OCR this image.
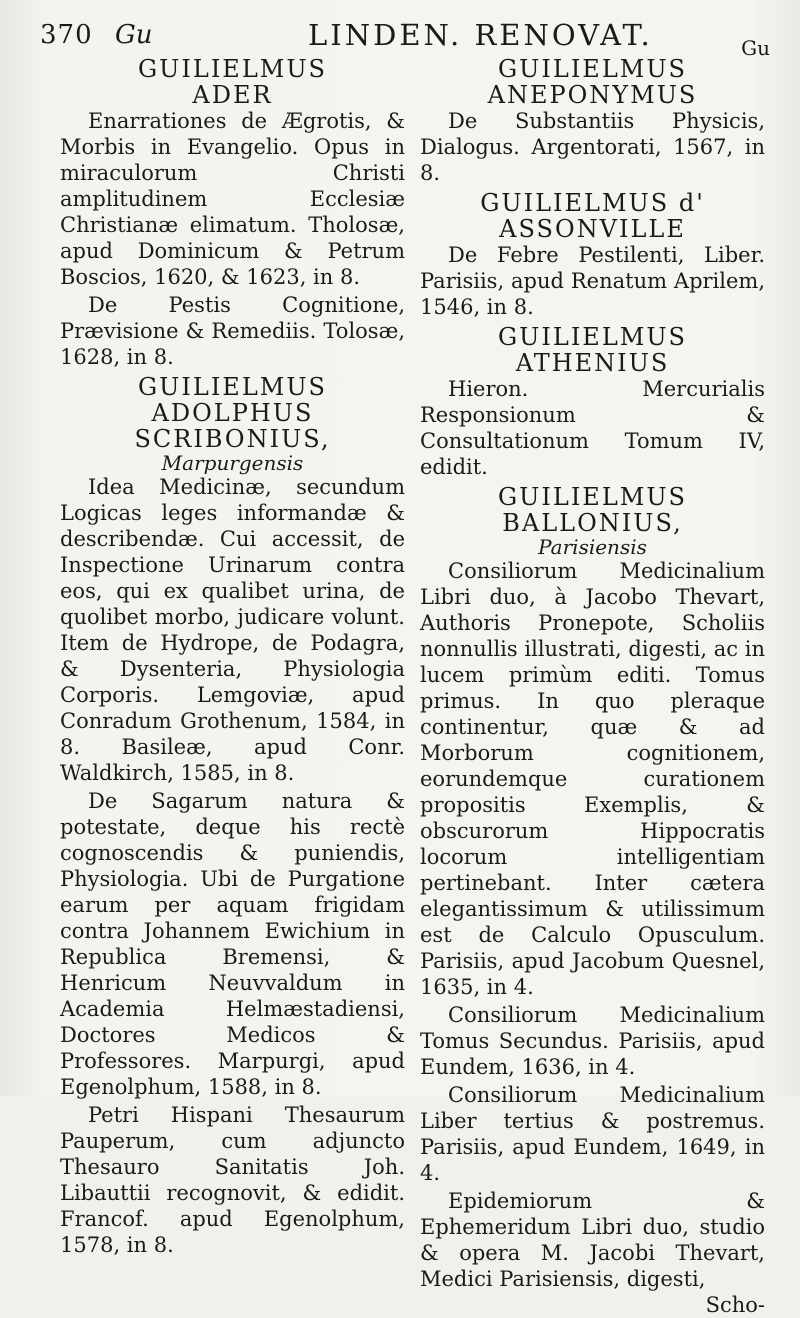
370 Gu	LINDEN. RENOVAT.	Gu
GUILIELMUS
ADER

Enarrationes de Ægrotis, & Morbis in Evangelio. Opus in miraculorum Christi amplitudinem Ecclesiæ Christianæ elimatum. Tholosæ, apud Dominicum & Petrum Boscios, 1620, & 1623, in 8.

De Pestis Cognitione, Prævisione & Remediis. Tolosæ, 1628, in 8.

GUILIELMUS ADOLPHUS SCRIBONIUS,
Marpurgensis

Idea Medicinæ, secundum Logicas leges informandæ & describendæ. Cui accessit, de Inspectione Urinarum contra eos, qui ex qualibet urina, de quolibet morbo, judicare volunt. Item de Hydrope, de Podagra, & Dysenteria, Physiologia Corporis. Lemgoviæ, apud Conradum Grothenum, 1584, in 8. Basileæ, apud Conr. Waldkirch, 1585, in 8.

De Sagarum natura & potestate, deque his rectè cognoscendis & puniendis, Physiologia. Ubi de Purgatione earum per aquam frigidam contra Johannem Ewichium in Republica Bremensi, & Henricum Neuvvaldum in Academia Helmæstadiensi, Doctores Medicos & Professores. Marpurgi, apud Egenolphum, 1588, in 8.

Petri Hispani Thesaurum Pauperum, cum adjuncto Thesauro Sanitatis Joh. Libauttii recognovit, & edidit. Francof. apud Egenolphum, 1578, in 8.

GUILIELMUS ANEPONYMUS

De Substantiis Physicis, Dialogus. Argentorati, 1567, in 8.

GUILIELMUS d' ASSONVILLE

De Febre Pestilenti, Liber. Parisiis, apud Renatum Aprilem, 1546, in 8.

GUILIELMUS ATHENIUS

Hieron. Mercurialis Responsionum & Consultationum Tomum IV, edidit.

GUILIELMUS BALLONIUS,
Parisiensis

Consiliorum Medicinalium Libri duo, à Jacobo Thevart, Authoris Pronepote, Scholiis nonnullis illustrati, digesti, ac in lucem primùm editi. Tomus primus. In quo pleraque continentur, quæ & ad Morborum cognitionem, eorundemque curationem propositis Exemplis, & obscurorum Hippocratis locorum intelligentiam pertinebant. Inter cætera elegantissimum & utilissimum est de Calculo Opusculum. Parisiis, apud Jacobum Quesnel, 1635, in 4.

Consiliorum Medicinalium Tomus Secundus. Parisiis, apud Eundem, 1636, in 4.

Consiliorum Medicinalium Liber tertius & postremus. Parisiis, apud Eundem, 1649, in 4.

Epidemiorum & Ephemeridum Libri duo, studio & opera M. Jacobi Thevart, Medici Parisiensis, digesti,

Scho-
